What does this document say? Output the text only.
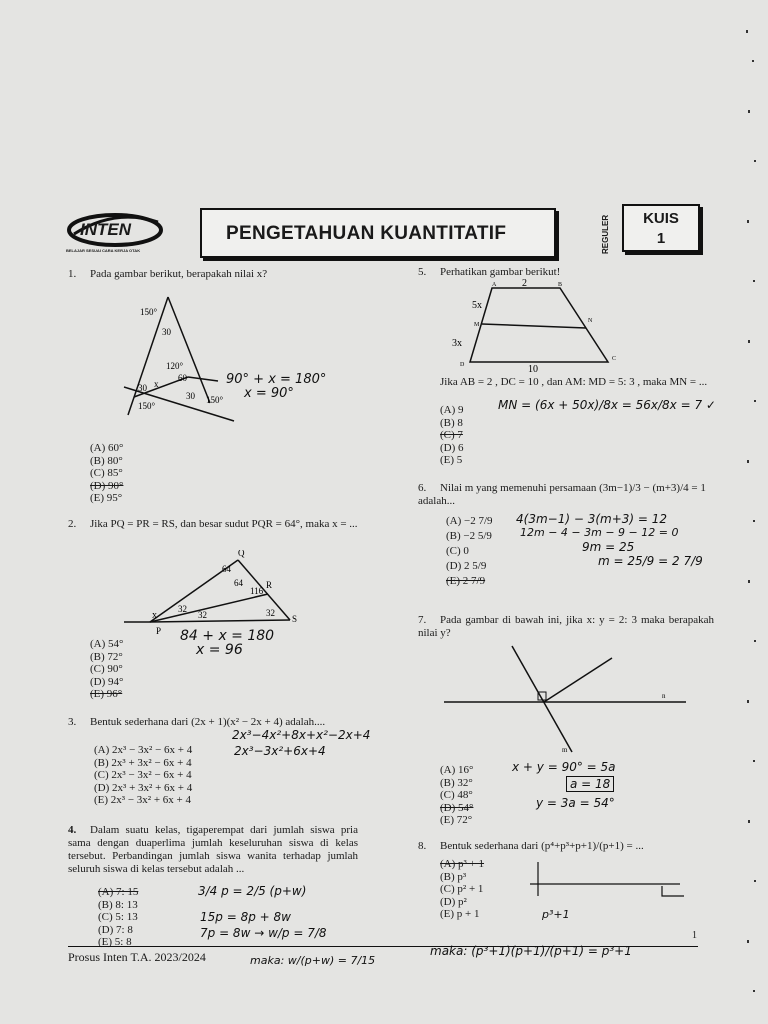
INTEN
BELAJAR SESUAI CARA KERJA OTAK
PENGETAHUAN KUANTITATIF	REGULER	KUIS
1
1. Pada gambar berikut, berapakah nilai x?
150°
30
120°
60
30 x
30 150°
150°
90° + x = 180°
x = 90°
(A) 60°
(B) 80°
(C) 85°
(D) 90°
(E) 95°
2. Jika PQ = PR = RS, dan besar sudut PQR = 64°, maka x = ...
Q
R
P
S
x
64
64
116
32
32	32
84 + x = 180
x = 96
(A) 54°
(B) 72°
(C) 90°
(D) 94°
(E) 96°
3. Bentuk sederhana dari (2x + 1)(x² − 2x + 4) adalah....
2x³−4x²+8x+x²−2x+4
2x³−3x²+6x+4
(A) 2x³ − 3x² − 6x + 4
(B) 2x³ + 3x² − 6x + 4
(C) 2x³ − 3x² − 6x + 4
(D) 2x³ + 3x² + 6x + 4
(E) 2x³ − 3x² + 6x + 4
4. Dalam suatu kelas, tigaperempat dari jumlah siswa pria sama dengan duaperlima jumlah keseluruhan siswa di kelas tersebut. Perbandingan jumlah siswa wanita terhadap jumlah seluruh siswa di kelas tersebut adalah ...
(A) 7: 15
(B) 8: 13
(C) 5: 13
(D) 7: 8
(E) 5: 8
3/4 p = 2/5 (p+w)
15p = 8p + 8w
7p = 8w → w/p = 7/8
maka: w/(p+w) = 7/15
5. Perhatikan gambar berikut!
2
A	B
M
N
D
C
10
5x
3x
Jika AB = 2 , DC = 10 , dan AM: MD = 5: 3 , maka MN = ...
MN = (6x + 50x)/8x = 56x/8x = 7 ✓
(A) 9
(B) 8
(C) 7
(D) 6
(E) 5
6. Nilai m yang memenuhi persamaan (3m−1)/3 − (m+3)/4 = 1 adalah...
4(3m−1) − 3(m+3) = 12
12m − 4 − 3m − 9 − 12 = 0
9m = 25
m = 25/9 = 2 7/9
(A) −2 7/9
(B) −2 5/9
(C) 0
(D) 2 5/9
(E) 2 7/9
7. Pada gambar di bawah ini, jika x: y = 2: 3 maka berapakah nilai y?
n
m
x + y = 90° = 5a
a = 18
y = 3a = 54°
(A) 16°
(B) 32°
(C) 48°
(D) 54°
(E) 72°
8. Bentuk sederhana dari (p⁴+p³+p+1)/(p+1) = ...
(A) p³ + 1
(B) p³
(C) p² + 1
(D) p²
(E) p + 1	p³+1
maka: (p³+1)(p+1)/(p+1) = p³+1
Prosus Inten T.A. 2023/2024
1
